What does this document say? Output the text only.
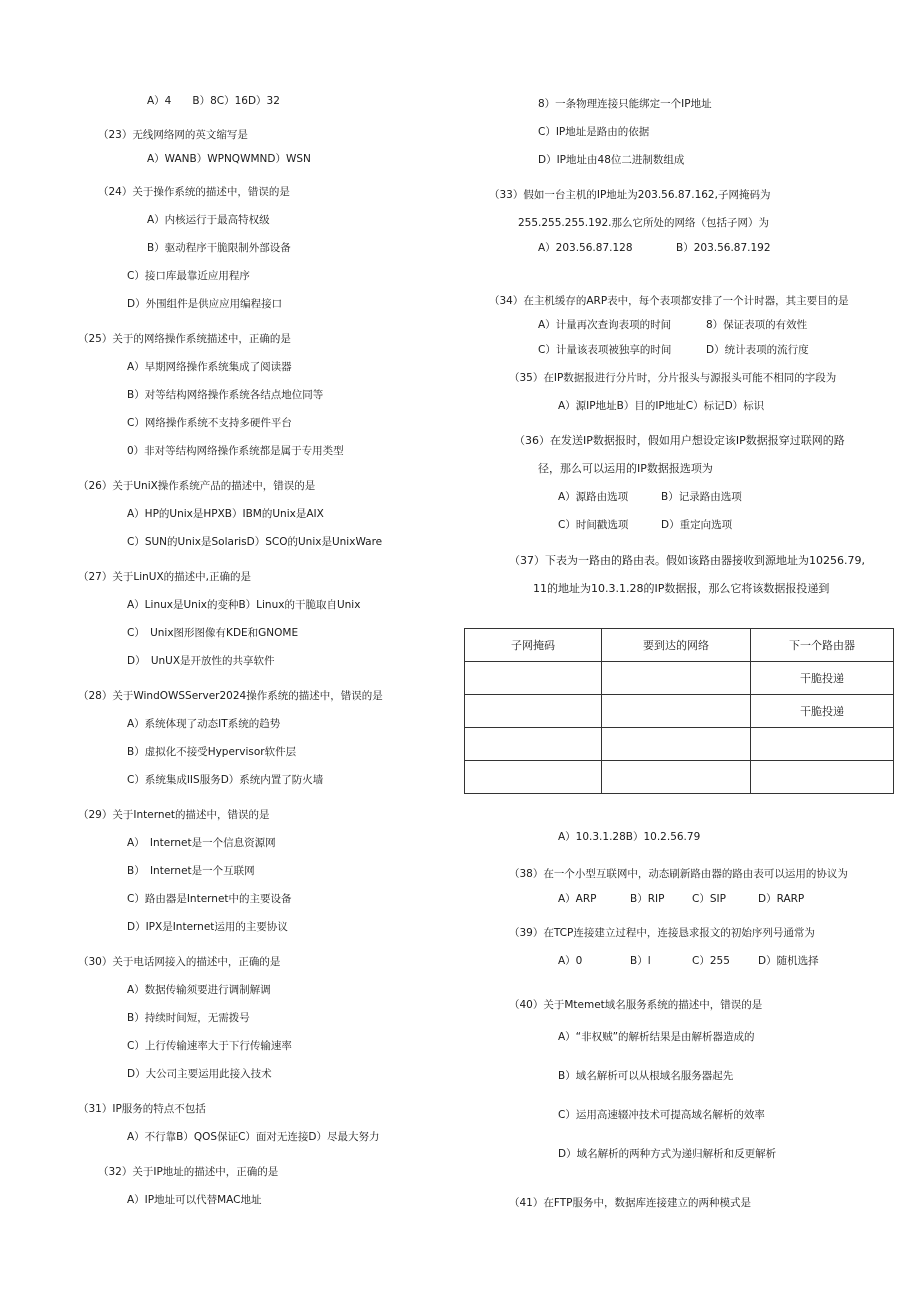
A）4　　B）8C）16D）32
（23）无线网络网的英文缩写是
A）WANB）WPNQWMND）WSN
（24）关于操作系统的描述中，错误的是
A）内核运行于最高特权级
B）驱动程序干脆限制外部设备
C）接口库最靠近应用程序
D）外围组件是供应应用编程接口
（25）关于的网络操作系统描述中，正确的是
A）早期网络操作系统集成了阅读器
B）对等结构网络操作系统各结点地位同等
C）网络操作系统不支持多硬件平台
0）非对等结构网络操作系统都是属于专用类型
（26）关于UniX操作系统产品的描述中，错误的是
A）HP的Unix是HPXB）IBM的Unix是AIX
C）SUN的Unix是SolarisD）SCO的Unix是UnixWare
（27）关于LinUX的描述中,正确的是
A）Linux是Unix的变种B）Linux的干脆取自Unix
C）　Unix图形图像有KDE和GNOME
D）　UnUX是开放性的共享软件
（28）关于WindOWSServer2024操作系统的描述中，错误的是
A）系统体现了动态IT系统的趋势
B）虚拟化不接受Hypervisor软件层
C）系统集成IIS服务D）系统内置了防火墙
（29）关于Internet的描述中，错误的是
A）　Internet是一个信息资源网
B）　Internet是一个互联网
C）路由器是Internet中的主要设备
D）IPX是Internet运用的主要协议
（30）关于电话网接入的描述中，正确的是
A）数据传输须要进行调制解调
B）持续时间短，无需拨号
C）上行传输速率大于下行传输速率
D）大公司主要运用此接入技术
（31）IP服务的特点不包括
A）不行靠B）QOS保证C）面对无连接D）尽最大努力
（32）关于IP地址的描述中，正确的是
A）IP地址可以代替MAC地址
8）一条物理连接只能绑定一个IP地址
C）IP地址是路由的依据
D）IP地址由48位二进制数组成
（33）假如一台主机的IP地址为203.56.87.162,子网掩码为
255.255.255.192.那么它所处的网络（包括子网）为
A）203.56.87.128	B）203.56.87.192
（34）在主机缓存的ARP表中，每个表项都安排了一个计时器，其主要目的是
A）计量再次查询表项的时间	8）保证表项的有效性
C）计量该表项被独享的时间	D）统计表项的流行度
（35）在IP数据报进行分片时，分片报头与源报头可能不相同的字段为
A）源IP地址B）目的IP地址C）标记D）标识
（36）在发送IP数据报时，假如用户想设定该IP数据报穿过联网的路
径，那么可以运用的IP数据报选项为
A）源路由选项	B）记录路由选项
C）时间戳选项	D）重定向选项
（37）下表为一路由的路由表。假如该路由器接收到源地址为10256.79,
11的地址为10.3.1.28的IP数据报，那么它将该数据报投递到
子网掩码	要到达的网络	下一个路由器
		干脆投递
		干脆投递

A）10.3.1.28B）10.2.56.79
（38）在一个小型互联网中，动态刷新路由器的路由表可以运用的协议为
A）ARP	B）RIP	C）SIP	D）RARP
（39）在TCP连接建立过程中，连接恳求报文的初始序列号通常为
A）0	B）l	C）255	D）随机选择
（40）关于Mtemet域名服务系统的描述中，错误的是
A）“非权贼”的解析结果是由解析器造成的
B）域名解析可以从根域名服务器起先
C）运用高速辍冲技术可提高域名解析的效率
D）域名解析的两种方式为递归解析和反更解析
（41）在FTP服务中，数据库连接建立的两种模式是
